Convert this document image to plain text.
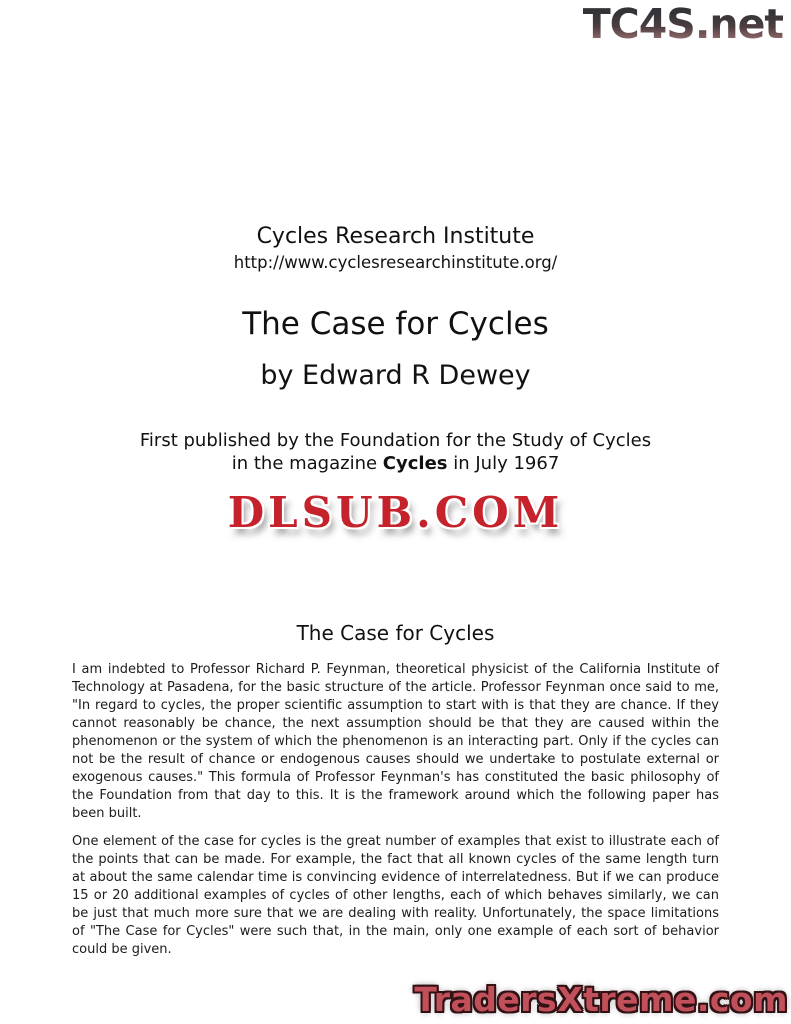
TC4S.net
Cycles Research Institute
http://www.cyclesresearchinstitute.org/
The Case for Cycles
by Edward R Dewey
First published by the Foundation for the Study of Cycles
in the magazine Cycles in July 1967
DLSUB.COM
The Case for Cycles

I am indebted to Professor Richard P. Feynman, theoretical physicist of the California Institute of Technology at Pasadena, for the basic structure of the article. Professor Feynman once said to me, "In regard to cycles, the proper scientific assumption to start with is that they are chance. If they cannot reasonably be chance, the next assumption should be that they are caused within the phenomenon or the system of which the phenomenon is an interacting part. Only if the cycles can not be the result of chance or endogenous causes should we undertake to postulate external or exogenous causes." This formula of Professor Feynman's has constituted the basic philosophy of the Foundation from that day to this. It is the framework around which the following paper has been built.

One element of the case for cycles is the great number of examples that exist to illustrate each of the points that can be made. For example, the fact that all known cycles of the same length turn at about the same calendar time is convincing evidence of interrelatedness. But if we can produce 15 or 20 additional examples of cycles of other lengths, each of which behaves similarly, we can be just that much more sure that we are dealing with reality. Unfortunately, the space limitations of "The Case for Cycles" were such that, in the main, only one example of each sort of behavior could be given.

TradersXtreme.com
